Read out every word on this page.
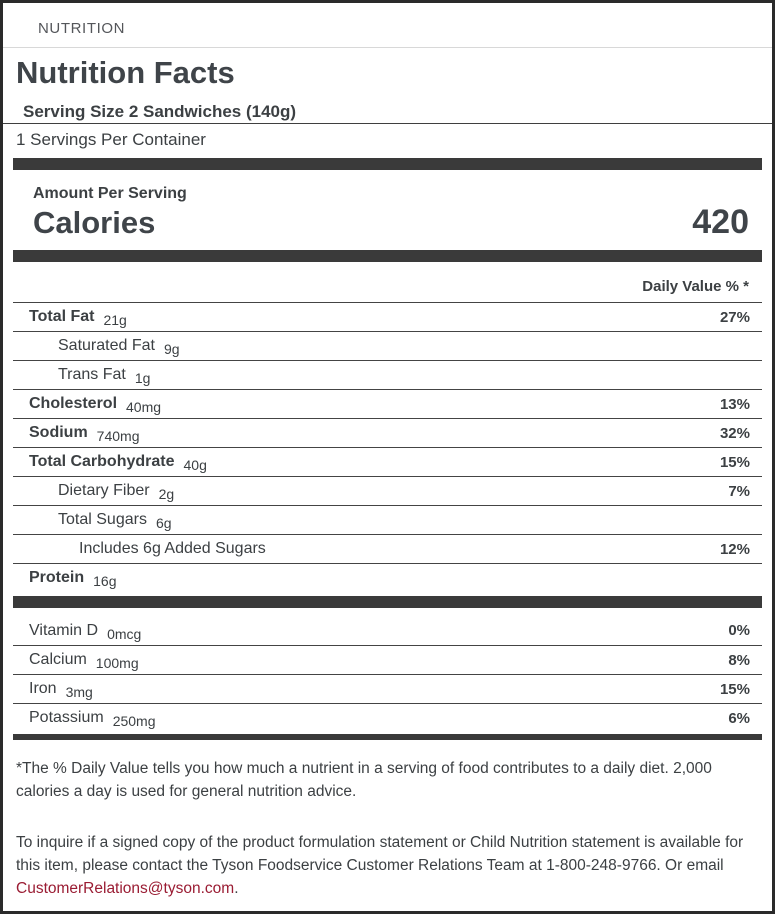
NUTRITION
Nutrition Facts
Serving Size 2 Sandwiches (140g)
1 Servings Per Container
Amount Per Serving
Calories	420
Daily Value % *
Total Fat 21g	27%
Saturated Fat 9g
Trans Fat 1g
Cholesterol 40mg	13%
Sodium 740mg	32%
Total Carbohydrate 40g	15%
Dietary Fiber 2g	7%
Total Sugars 6g
Includes 6g Added Sugars	12%
Protein 16g
Vitamin D 0mcg	0%
Calcium 100mg	8%
Iron 3mg	15%
Potassium 250mg	6%

*The % Daily Value tells you how much a nutrient in a serving of food contributes to a daily diet. 2,000 calories a day is used for general nutrition advice.

To inquire if a signed copy of the product formulation statement or Child Nutrition statement is available for this item, please contact the Tyson Foodservice Customer Relations Team at 1-800-248-9766. Or email CustomerRelations@tyson.com.
